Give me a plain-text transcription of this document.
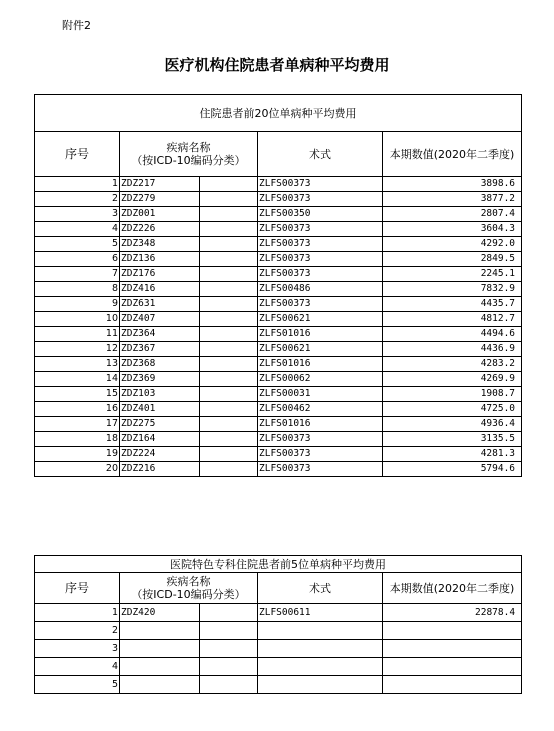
附件2
医疗机构住院患者单病种平均费用
住院患者前20位单病种平均费用				
序号	疾病名称
（按ICD-10编码分类）		术式	本期数值(2020年二季度)
1	ZDZ217		ZLFS00373	3898.6
2	ZDZ279		ZLFS00373	3877.2
3	ZDZ001		ZLFS00350	2807.4
4	ZDZ226		ZLFS00373	3604.3
5	ZDZ348		ZLFS00373	4292.0
6	ZDZ136		ZLFS00373	2849.5
7	ZDZ176		ZLFS00373	2245.1
8	ZDZ416		ZLFS00486	7832.9
9	ZDZ631		ZLFS00373	4435.7
10	ZDZ407		ZLFS00621	4812.7
11	ZDZ364		ZLFS01016	4494.6
12	ZDZ367		ZLFS00621	4436.9
13	ZDZ368		ZLFS01016	4283.2
14	ZDZ369		ZLFS00062	4269.9
15	ZDZ103		ZLFS00031	1908.7
16	ZDZ401		ZLFS00462	4725.0
17	ZDZ275		ZLFS01016	4936.4
18	ZDZ164		ZLFS00373	3135.5
19	ZDZ224		ZLFS00373	4281.3
20	ZDZ216		ZLFS00373	5794.6
医院特色专科住院患者前5位单病种平均费用				
序号	疾病名称
（按ICD-10编码分类）		术式	本期数值(2020年二季度)
1	ZDZ420		ZLFS00611	22878.4
2				
3				
4				
5				
